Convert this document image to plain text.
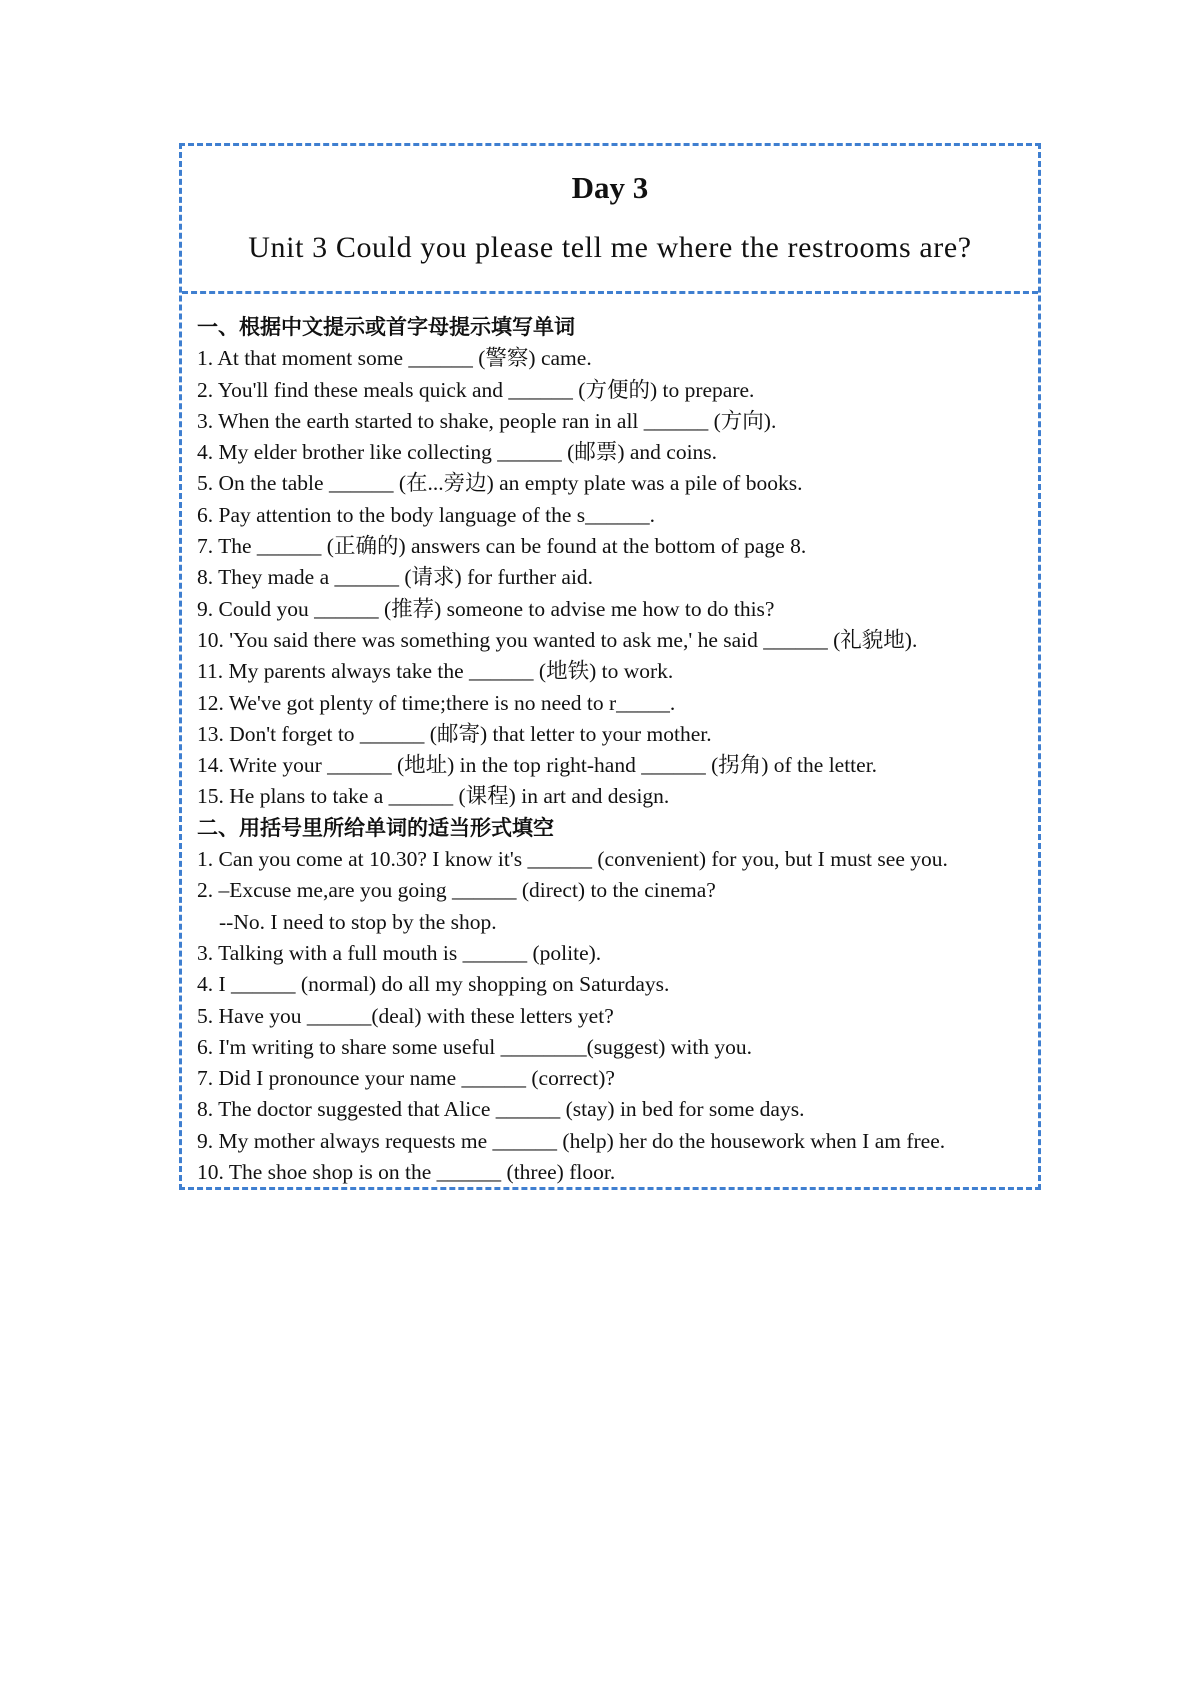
Day 3
Unit 3 Could you please tell me where the restrooms are?
一、根据中文提示或首字母提示填写单词
1. At that moment some ______ (警察) came.
2. You'll find these meals quick and ______ (方便的) to prepare.
3. When the earth started to shake, people ran in all ______ (方向).
4. My elder brother like collecting ______ (邮票) and coins.
5. On the table ______ (在...旁边) an empty plate was a pile of books.
6. Pay attention to the body language of the s______.
7. The ______ (正确的) answers can be found at the bottom of page 8.
8. They made a ______ (请求) for further aid.
9. Could you ______ (推荐) someone to advise me how to do this?
10. 'You said there was something you wanted to ask me,' he said ______ (礼貌地).
11. My parents always take the ______ (地铁) to work.
12. We've got plenty of time;there is no need to r_____.
13. Don't forget to ______ (邮寄) that letter to your mother.
14. Write your ______ (地址) in the top right-hand ______ (拐角) of the letter.
15. He plans to take a ______ (课程) in art and design.
二、用括号里所给单词的适当形式填空
1. Can you come at 10.30? I know it's ______ (convenient) for you, but I must see you.
2. –Excuse me,are you going ______ (direct) to the cinema?
--No. I need to stop by the shop.
3. Talking with a full mouth is ______ (polite).
4. I ______ (normal) do all my shopping on Saturdays.
5. Have you ______(deal) with these letters yet?
6. I'm writing to share some useful ________(suggest) with you.
7. Did I pronounce your name ______ (correct)?
8. The doctor suggested that Alice ______ (stay) in bed for some days.
9. My mother always requests me ______ (help) her do the housework when I am free.
10. The shoe shop is on the ______ (three) floor.
